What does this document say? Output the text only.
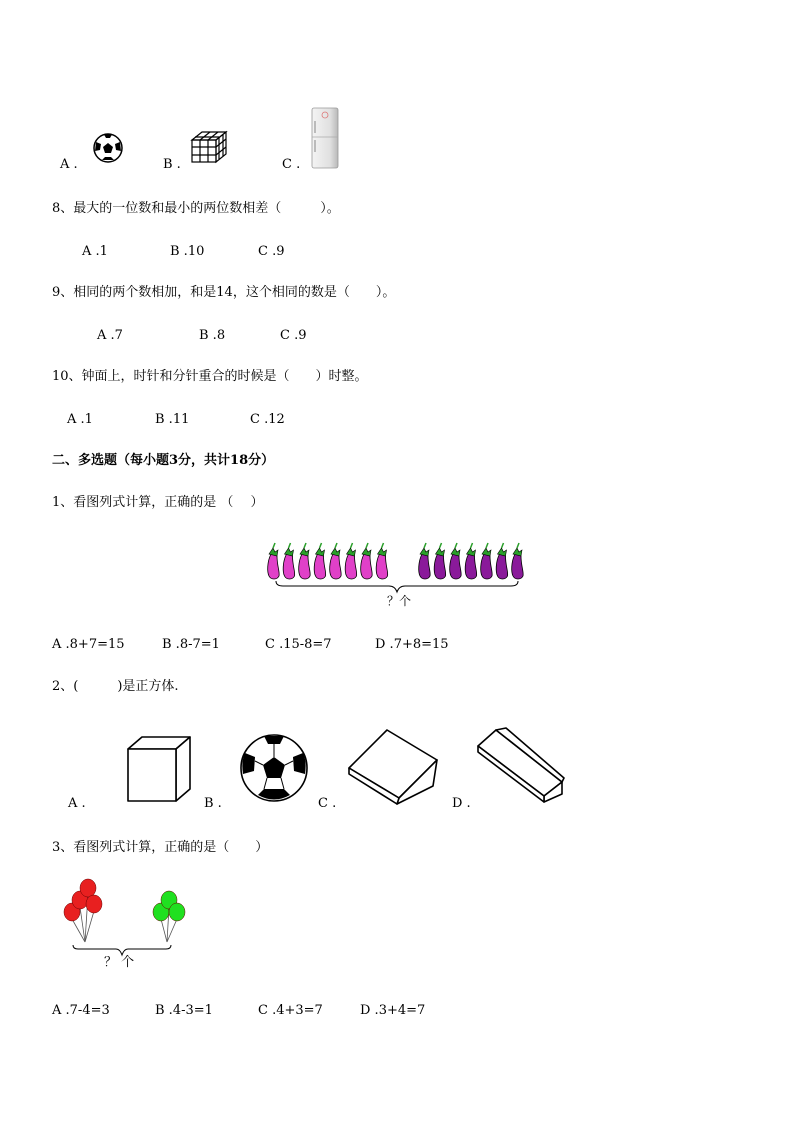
A .	B .	C .
8、最大的一位数和最小的两位数相差（　　　）。
A .1	B .10	C .9
9、相同的两个数相加，和是14，这个相同的数是（　　）。
A .7	B .8	C .9
10、钟面上，时针和分针重合的时候是（　　）时整。
A .1	B .11	C .12
二、多选题（每小题3分，共计18分）
1、看图列式计算，正确的是 （　 ）
？个
A .8+7=15	B .8-7=1	C .15-8=7	D .7+8=15
2、(　　　)是正方体.
A .	B .	C .	D .
3、看图列式计算，正确的是（　　）
？ 个
A .7-4=3	B .4-3=1	C .4+3=7	D .3+4=7
